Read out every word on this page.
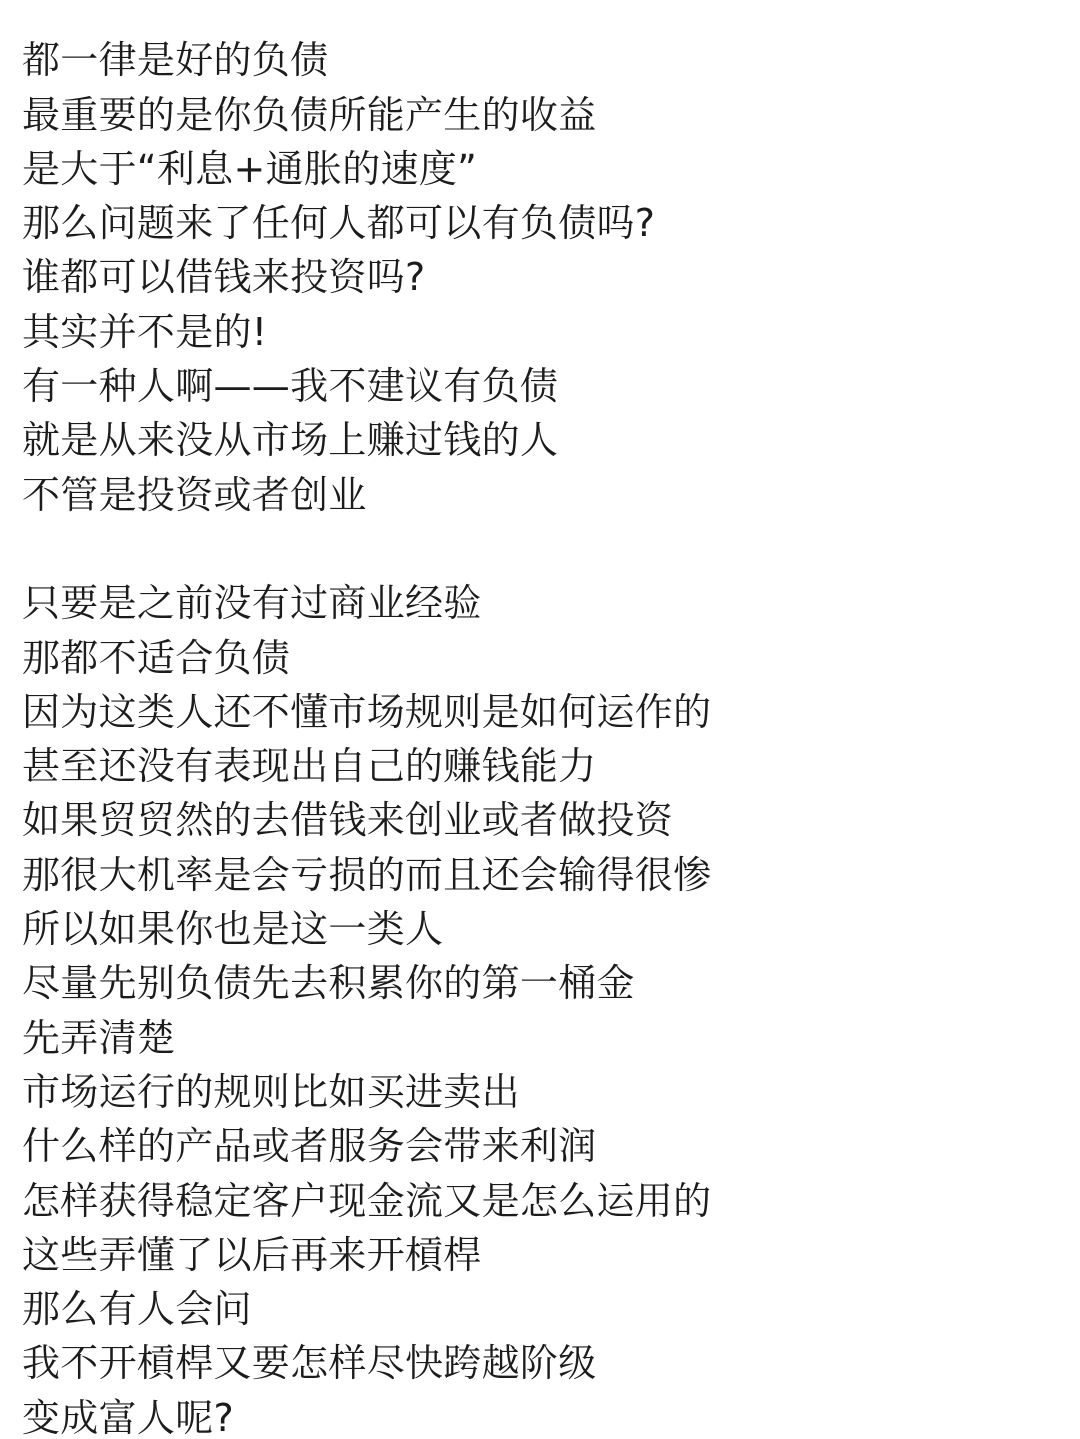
都一律是好的负债
最重要的是你负债所能产生的收益
是大于“利息+通胀的速度”
那么问题来了任何人都可以有负债吗?
谁都可以借钱来投资吗?
其实并不是的!
有一种人啊——我不建议有负债
就是从来没从市场上赚过钱的人
不管是投资或者创业
只要是之前没有过商业经验
那都不适合负债
因为这类人还不懂市场规则是如何运作的
甚至还没有表现出自己的赚钱能力
如果贸贸然的去借钱来创业或者做投资
那很大机率是会亏损的而且还会输得很惨
所以如果你也是这一类人
尽量先别负债先去积累你的第一桶金
先弄清楚
市场运行的规则比如买进卖出
什么样的产品或者服务会带来利润
怎样获得稳定客户现金流又是怎么运用的
这些弄懂了以后再来开槓桿
那么有人会问
我不开槓桿又要怎样尽快跨越阶级
变成富人呢?
